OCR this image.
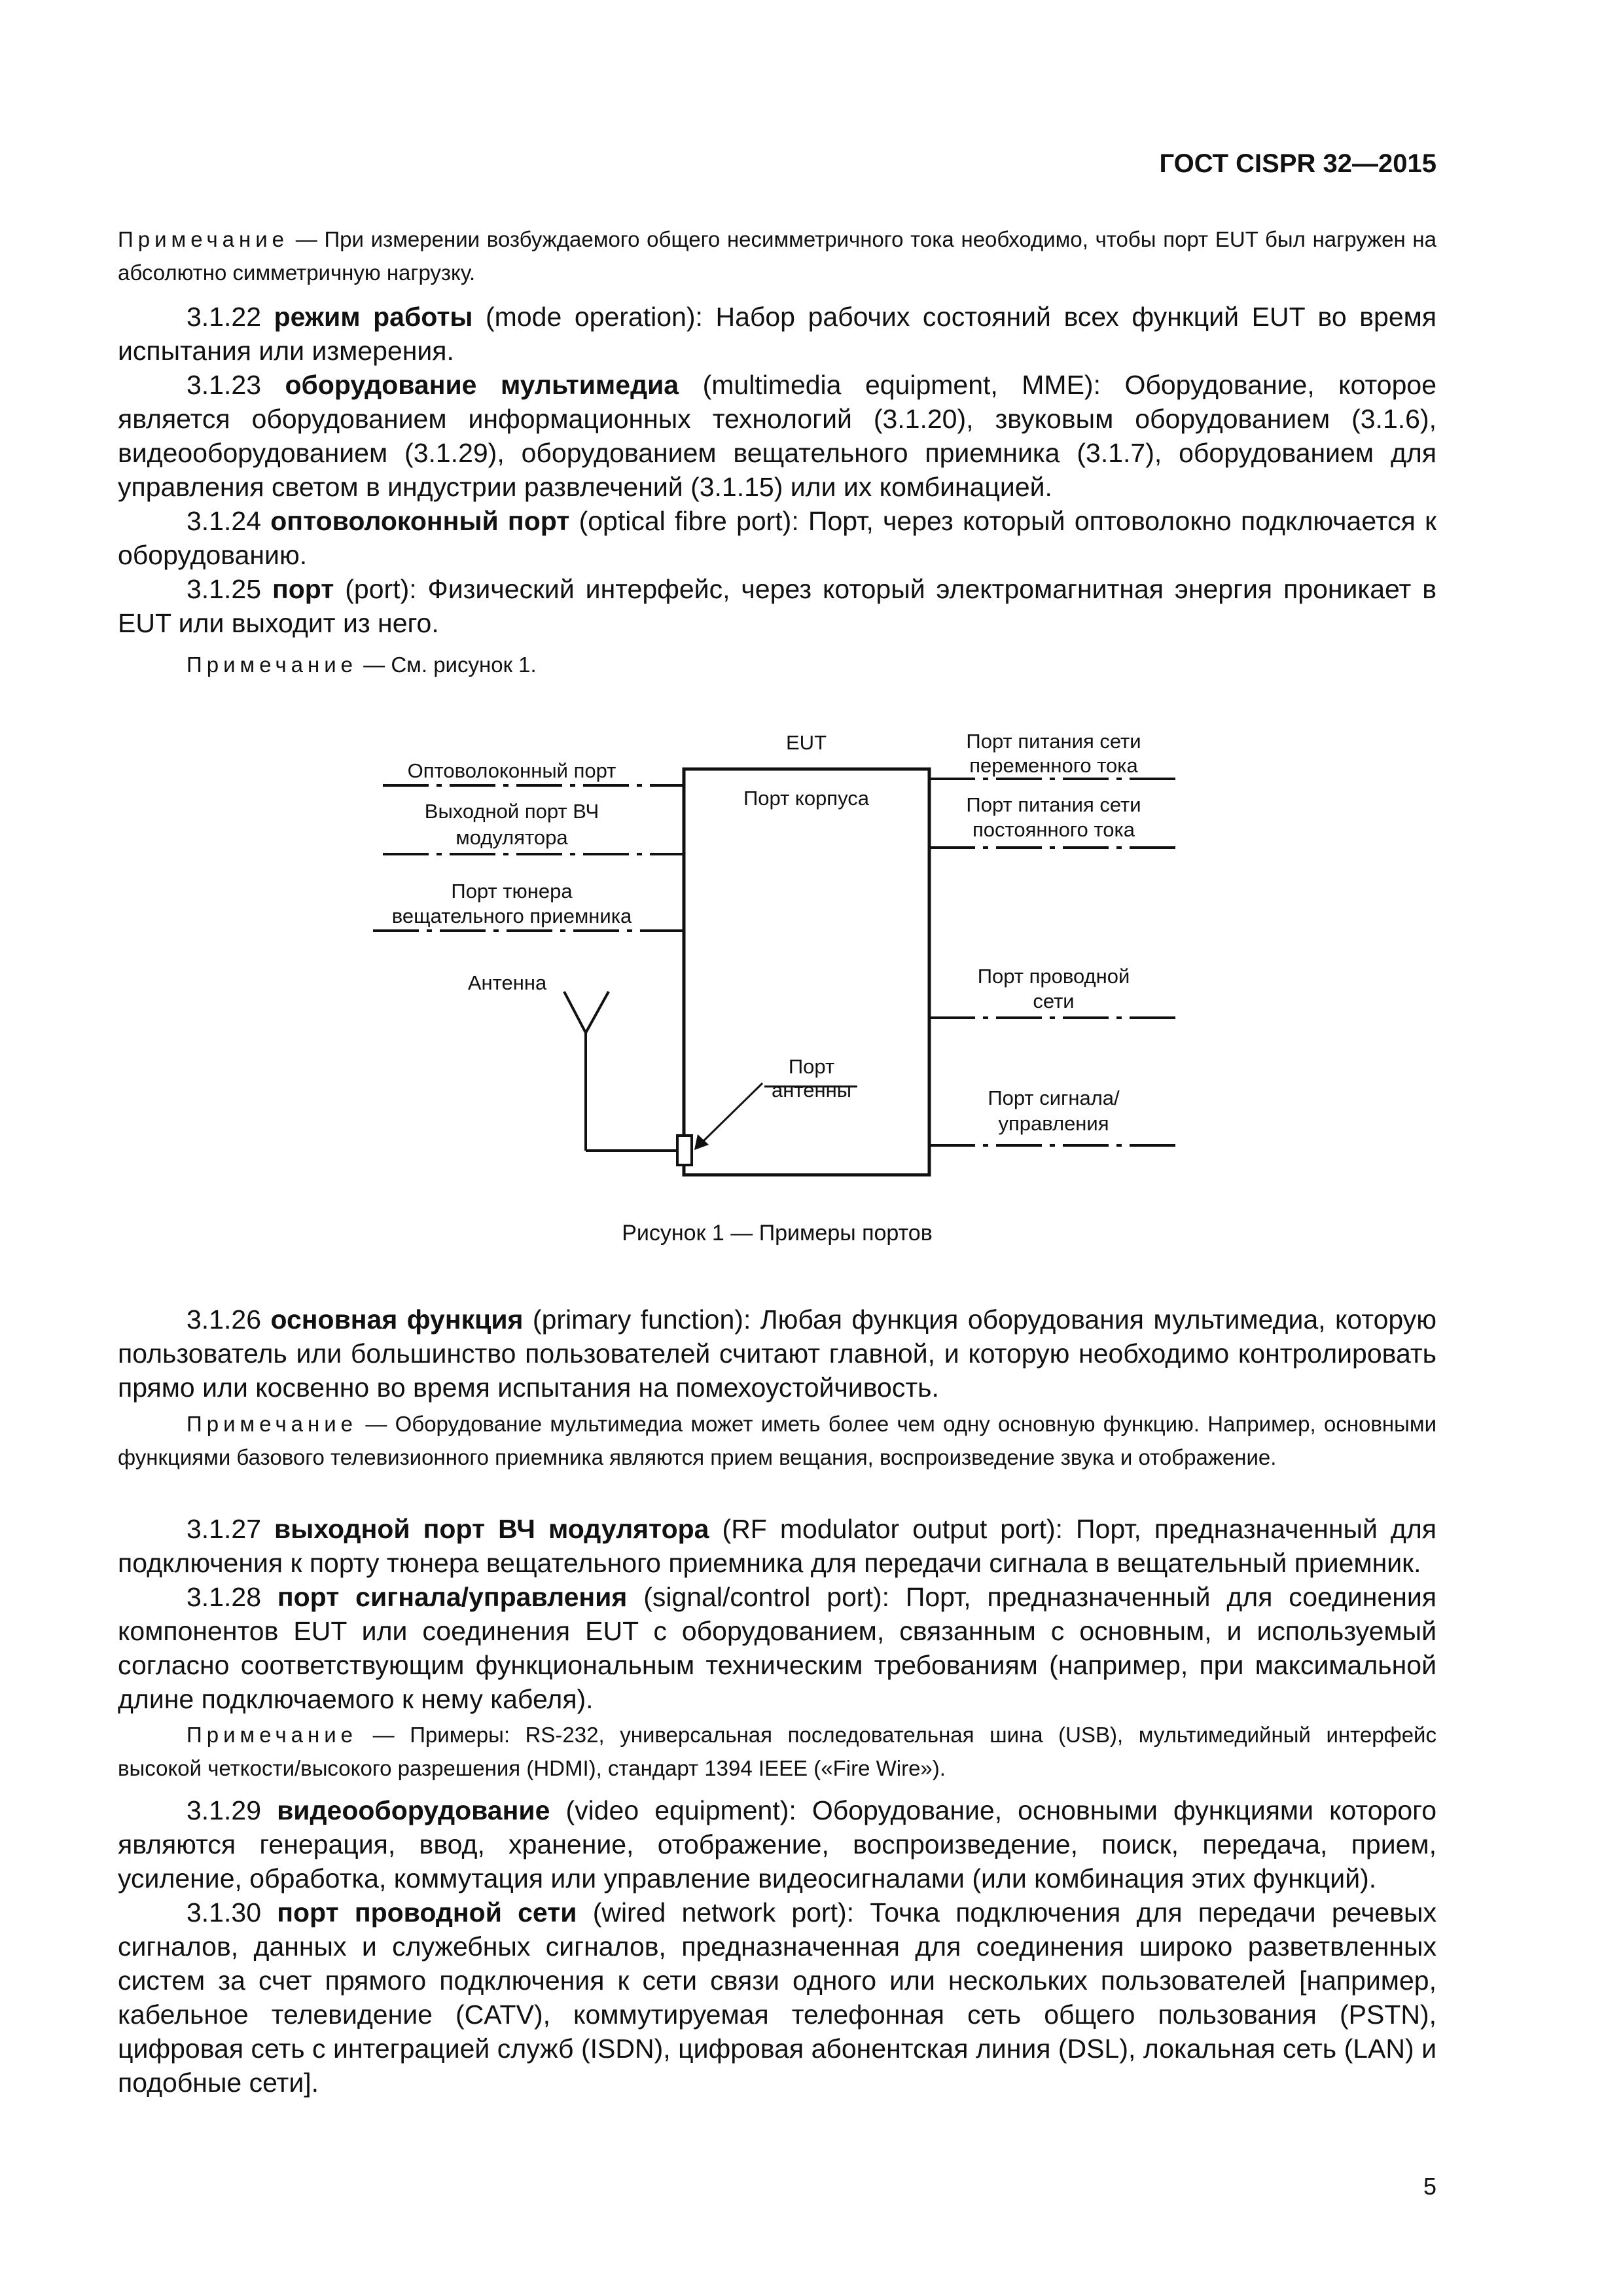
ГОСТ CISPR 32—2015
Примечание — При измерении возбуждаемого общего несимметричного тока необходимо, чтобы порт EUT был нагружен на абсолютно симметричную нагрузку.
3.1.22 режим работы (mode operation): Набор рабочих состояний всех функций EUT во время испытания или измерения.
3.1.23 оборудование мультимедиа (multimedia equipment, MME): Оборудование, которое является оборудованием информационных технологий (3.1.20), звуковым оборудованием (3.1.6), видеооборудованием (3.1.29), оборудованием вещательного приемника (3.1.7), оборудованием для управления светом в индустрии развлечений (3.1.15) или их комбинацией.
3.1.24 оптоволоконный порт (optical fibre port): Порт, через который оптоволокно подключается к оборудованию.
3.1.25 порт (port): Физический интерфейс, через который электромагнитная энергия проникает в EUT или выходит из него.
Примечание — См. рисунок 1.
EUT
Порт корпуса
Оптоволоконный порт
Выходной порт ВЧ
модулятора
Порт тюнера
вещательного приемника
Антенна
Порт
антенны
Порт питания сети
переменного тока
Порт питания сети
постоянного тока
Порт проводной
сети
Порт сигнала/
управления
Рисунок 1 — Примеры портов
3.1.26 основная функция (primary function): Любая функция оборудования мультимедиа, которую пользователь или большинство пользователей считают главной, и которую необходимо контролировать прямо или косвенно во время испытания на помехоустойчивость.
Примечание — Оборудование мультимедиа может иметь более чем одну основную функцию. Например, основными функциями базового телевизионного приемника являются прием вещания, воспроизведение звука и отображение.
3.1.27 выходной порт ВЧ модулятора (RF modulator output port): Порт, предназначенный для подключения к порту тюнера вещательного приемника для передачи сигнала в вещательный приемник.
3.1.28 порт сигнала/управления (signal/control port): Порт, предназначенный для соединения компонентов EUT или соединения EUT с оборудованием, связанным с основным, и используемый согласно соответствующим функциональным техническим требованиям (например, при максимальной длине подключаемого к нему кабеля).
Примечание — Примеры: RS-232, универсальная последовательная шина (USB), мультимедийный интерфейс высокой четкости/высокого разрешения (HDMI), стандарт 1394 IEEE («Fire Wire»).
3.1.29 видеооборудование (video equipment): Оборудование, основными функциями которого являются генерация, ввод, хранение, отображение, воспроизведение, поиск, передача, прием, усиление, обработка, коммутация или управление видеосигналами (или комбинация этих функций).
3.1.30 порт проводной сети (wired network port): Точка подключения для передачи речевых сигналов, данных и служебных сигналов, предназначенная для соединения широко разветвленных систем за счет прямого подключения к сети связи одного или нескольких пользователей [например, кабельное телевидение (CATV), коммутируемая телефонная сеть общего пользования (PSTN), цифровая сеть с интеграцией служб (ISDN), цифровая абонентская линия (DSL), локальная сеть (LAN) и подобные сети].
5
